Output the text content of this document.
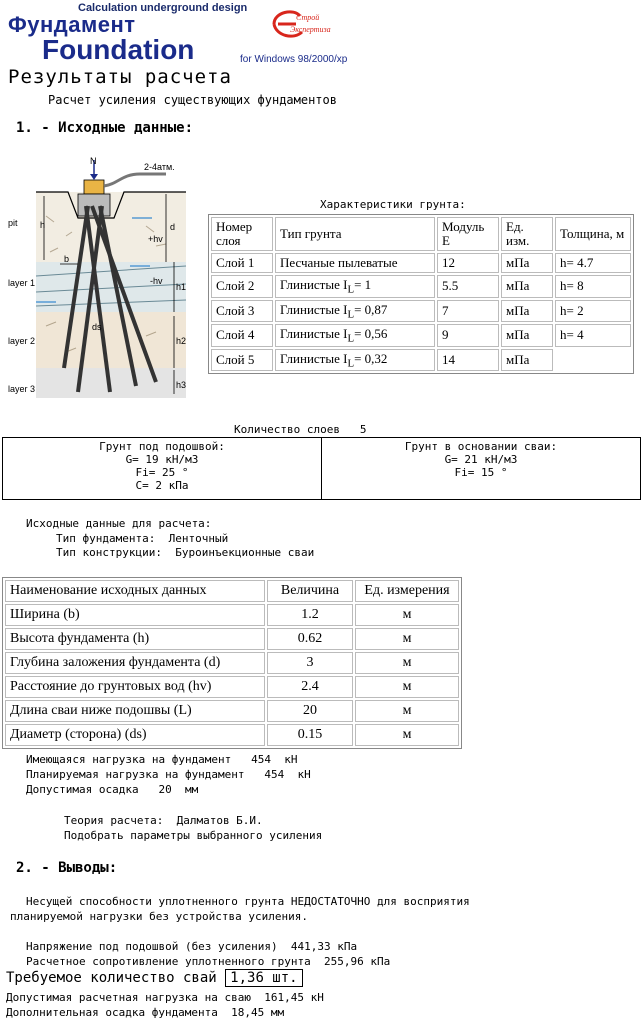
Calculation underground design
Фундамент
Foundation	for Windows 98/2000/xp
Строй
Экспертиза
Результаты расчета
Расчет усиления существующих фундаментов
1. - Исходные данные:
N
2-4атм.
pit h	d
+hv
b
-hv
h1
layer 1
layer 2	h2
ds
layer 3	h3
Характеристики грунта:
Номер слоя	Тип грунта	Модуль E	Ед. изм.	Толщина, м
Слой 1	Песчаные пылеватые	12	мПа	h= 4.7
Слой 2	Глинистые $I_L= 1$	5.5	мПа	h= 8
Слой 3	Глинистые $I_L= 0,87$	7	мПа	h= 2
Слой 4	Глинистые $I_L= 0,56$	9	мПа	h= 4
Слой 5	Глинистые $I_L= 0,32$	14	мПа	
Количество слоев 5
Грунт под подошвой:
G= 19 кН/м3
Fi= 25 °
C= 2 кПа
Грунт в основании сваи:
G= 21 кН/м3
Fi= 15 °
Исходные данные для расчета:
Тип фундамента: Ленточный
Тип конструкции: Буроинъекционные сваи
Наименование исходных данных	Величина	Ед. измерения
Ширина (b)	1.2	м
Высота фундамента (h)	0.62	м
Глубина заложения фундамента (d)	3	м
Расстояние до грунтовых вод (hv)	2.4	м
Длина сваи ниже подошвы (L)	20	м
Диаметр (сторона) (ds)	0.15	м
Имеющаяся нагрузка на фундамент   454  кН
Планируемая нагрузка на фундамент   454  кН
Допустимая осадка   20  мм
Теория расчета:  Далматов Б.И.
Подобрать параметры выбранного усиления
2. - Выводы:
Несущей способности уплотненного грунта НЕДОСТАТОЧНО для восприятия
планируемой нагрузки без устройства усиления.
Напряжение под подошвой (без усиления)  441,33 кПа
Расчетное сопротивление уплотненного грунта  255,96 кПа
Требуемое количество свай 1,36 шт.
Допустимая расчетная нагрузка на сваю  161,45 кН
Дополнительная осадка фундамента  18,45 мм
